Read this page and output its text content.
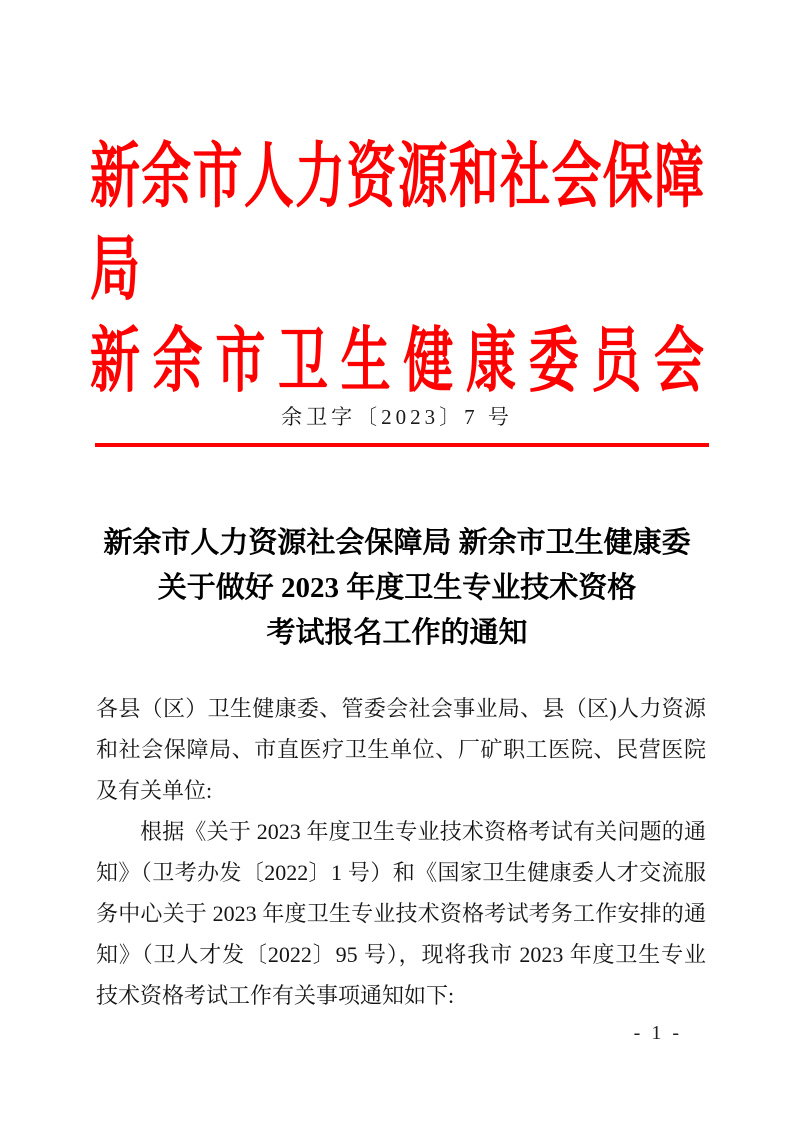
新余市人力资源和社会保障局
新余市卫生健康委员会
余卫字〔2023〕7 号
新余市人力资源社会保障局 新余市卫生健康委
关于做好 2023 年度卫生专业技术资格
考试报名工作的通知

各县（区）卫生健康委、管委会社会事业局、县（区)人力资源和社会保障局、市直医疗卫生单位、厂矿职工医院、民营医院及有关单位:

根据《关于 2023 年度卫生专业技术资格考试有关问题的通知》（卫考办发〔2022〕1 号）和《国家卫生健康委人才交流服务中心关于 2023 年度卫生专业技术资格考试考务工作安排的通知》（卫人才发〔2022〕95 号），现将我市 2023 年度卫生专业技术资格考试工作有关事项通知如下:

- 1 -
